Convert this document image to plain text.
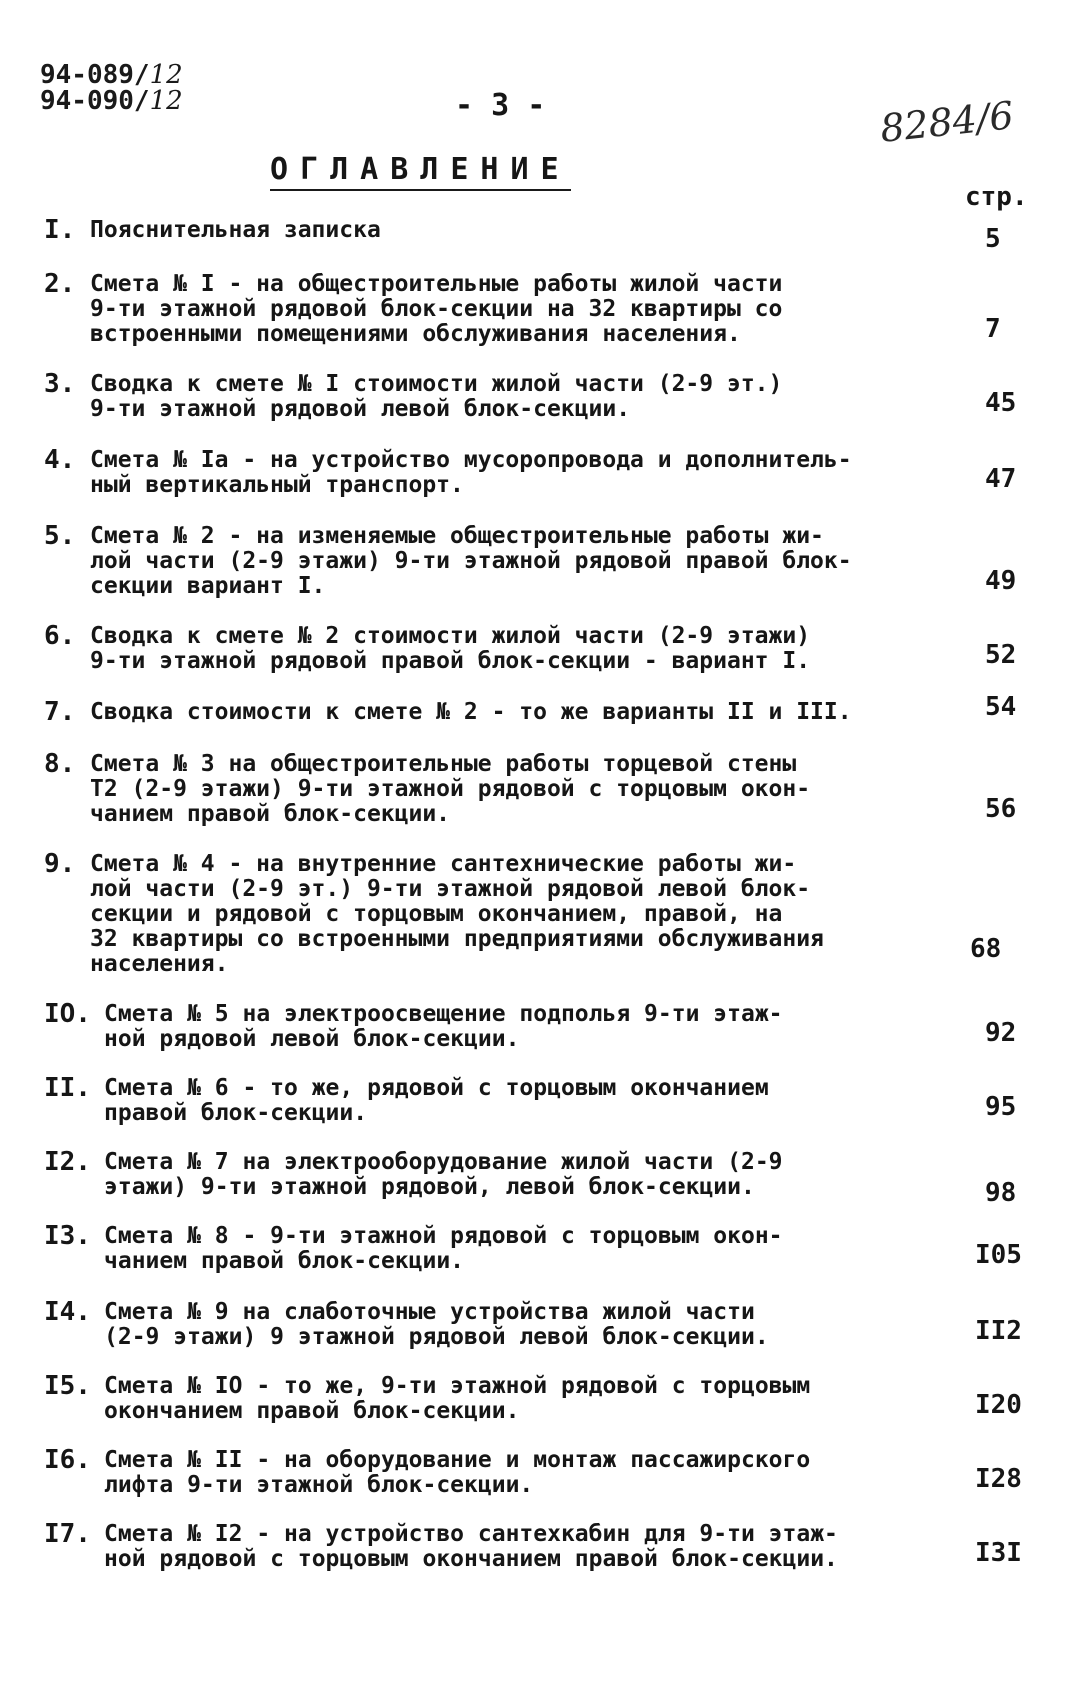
94-089/12
94-090/12	- 3 -	8284/6
ОГЛАВЛЕНИЕ
стр.
I. Пояснительная записка	5
2. Смета № I - на общестроительные работы жилой части
9-ти этажной рядовой блок-секции на 32 квартиры со
встроенными помещениями обслуживания населения.	7
3. Сводка к смете № I стоимости жилой части (2-9 эт.)
9-ти этажной рядовой левой блок-секции.	45
4. Смета № Iа - на устройство мусоропровода и дополнитель-
ный вертикальный транспорт.	47
5. Смета № 2 - на изменяемые общестроительные работы жи-
лой части (2-9 этажи) 9-ти этажной рядовой правой блок-
секции вариант I.	49
6. Сводка к смете № 2 стоимости жилой части (2-9 этажи)
9-ти этажной рядовой правой блок-секции - вариант I.	52
7. Сводка стоимости к смете № 2 - то же варианты II и III.	54
8. Смета № 3 на общестроительные работы торцевой стены
Т2 (2-9 этажи) 9-ти этажной рядовой с торцовым окон-
чанием правой блок-секции.	56
9. Смета № 4 - на внутренние сантехнические работы жи-
лой части (2-9 эт.) 9-ти этажной рядовой левой блок-
секции и рядовой с торцовым окончанием, правой, на
32 квартиры со встроенными предприятиями обслуживания
населения.	68
IO. Смета № 5 на электроосвещение подполья 9-ти этаж-
ной рядовой левой блок-секции.	92
II. Смета № 6 - то же, рядовой с торцовым окончанием
правой блок-секции.	95
I2. Смета № 7 на электрооборудование жилой части (2-9
этажи) 9-ти этажной рядовой, левой блок-секции.	98
I3. Смета № 8 - 9-ти этажной рядовой с торцовым окон-
чанием правой блок-секции.	I05
I4. Смета № 9 на слаботочные устройства жилой части
(2-9 этажи) 9 этажной рядовой левой блок-секции.	II2
I5. Смета № IO - то же, 9-ти этажной рядовой с торцовым
окончанием правой блок-секции.	I20
I6. Смета № II - на оборудование и монтаж пассажирского
лифта 9-ти этажной блок-секции.	I28
I7. Смета № I2 - на устройство сантехкабин для 9-ти этаж-
ной рядовой с торцовым окончанием правой блок-секции.	I3I
